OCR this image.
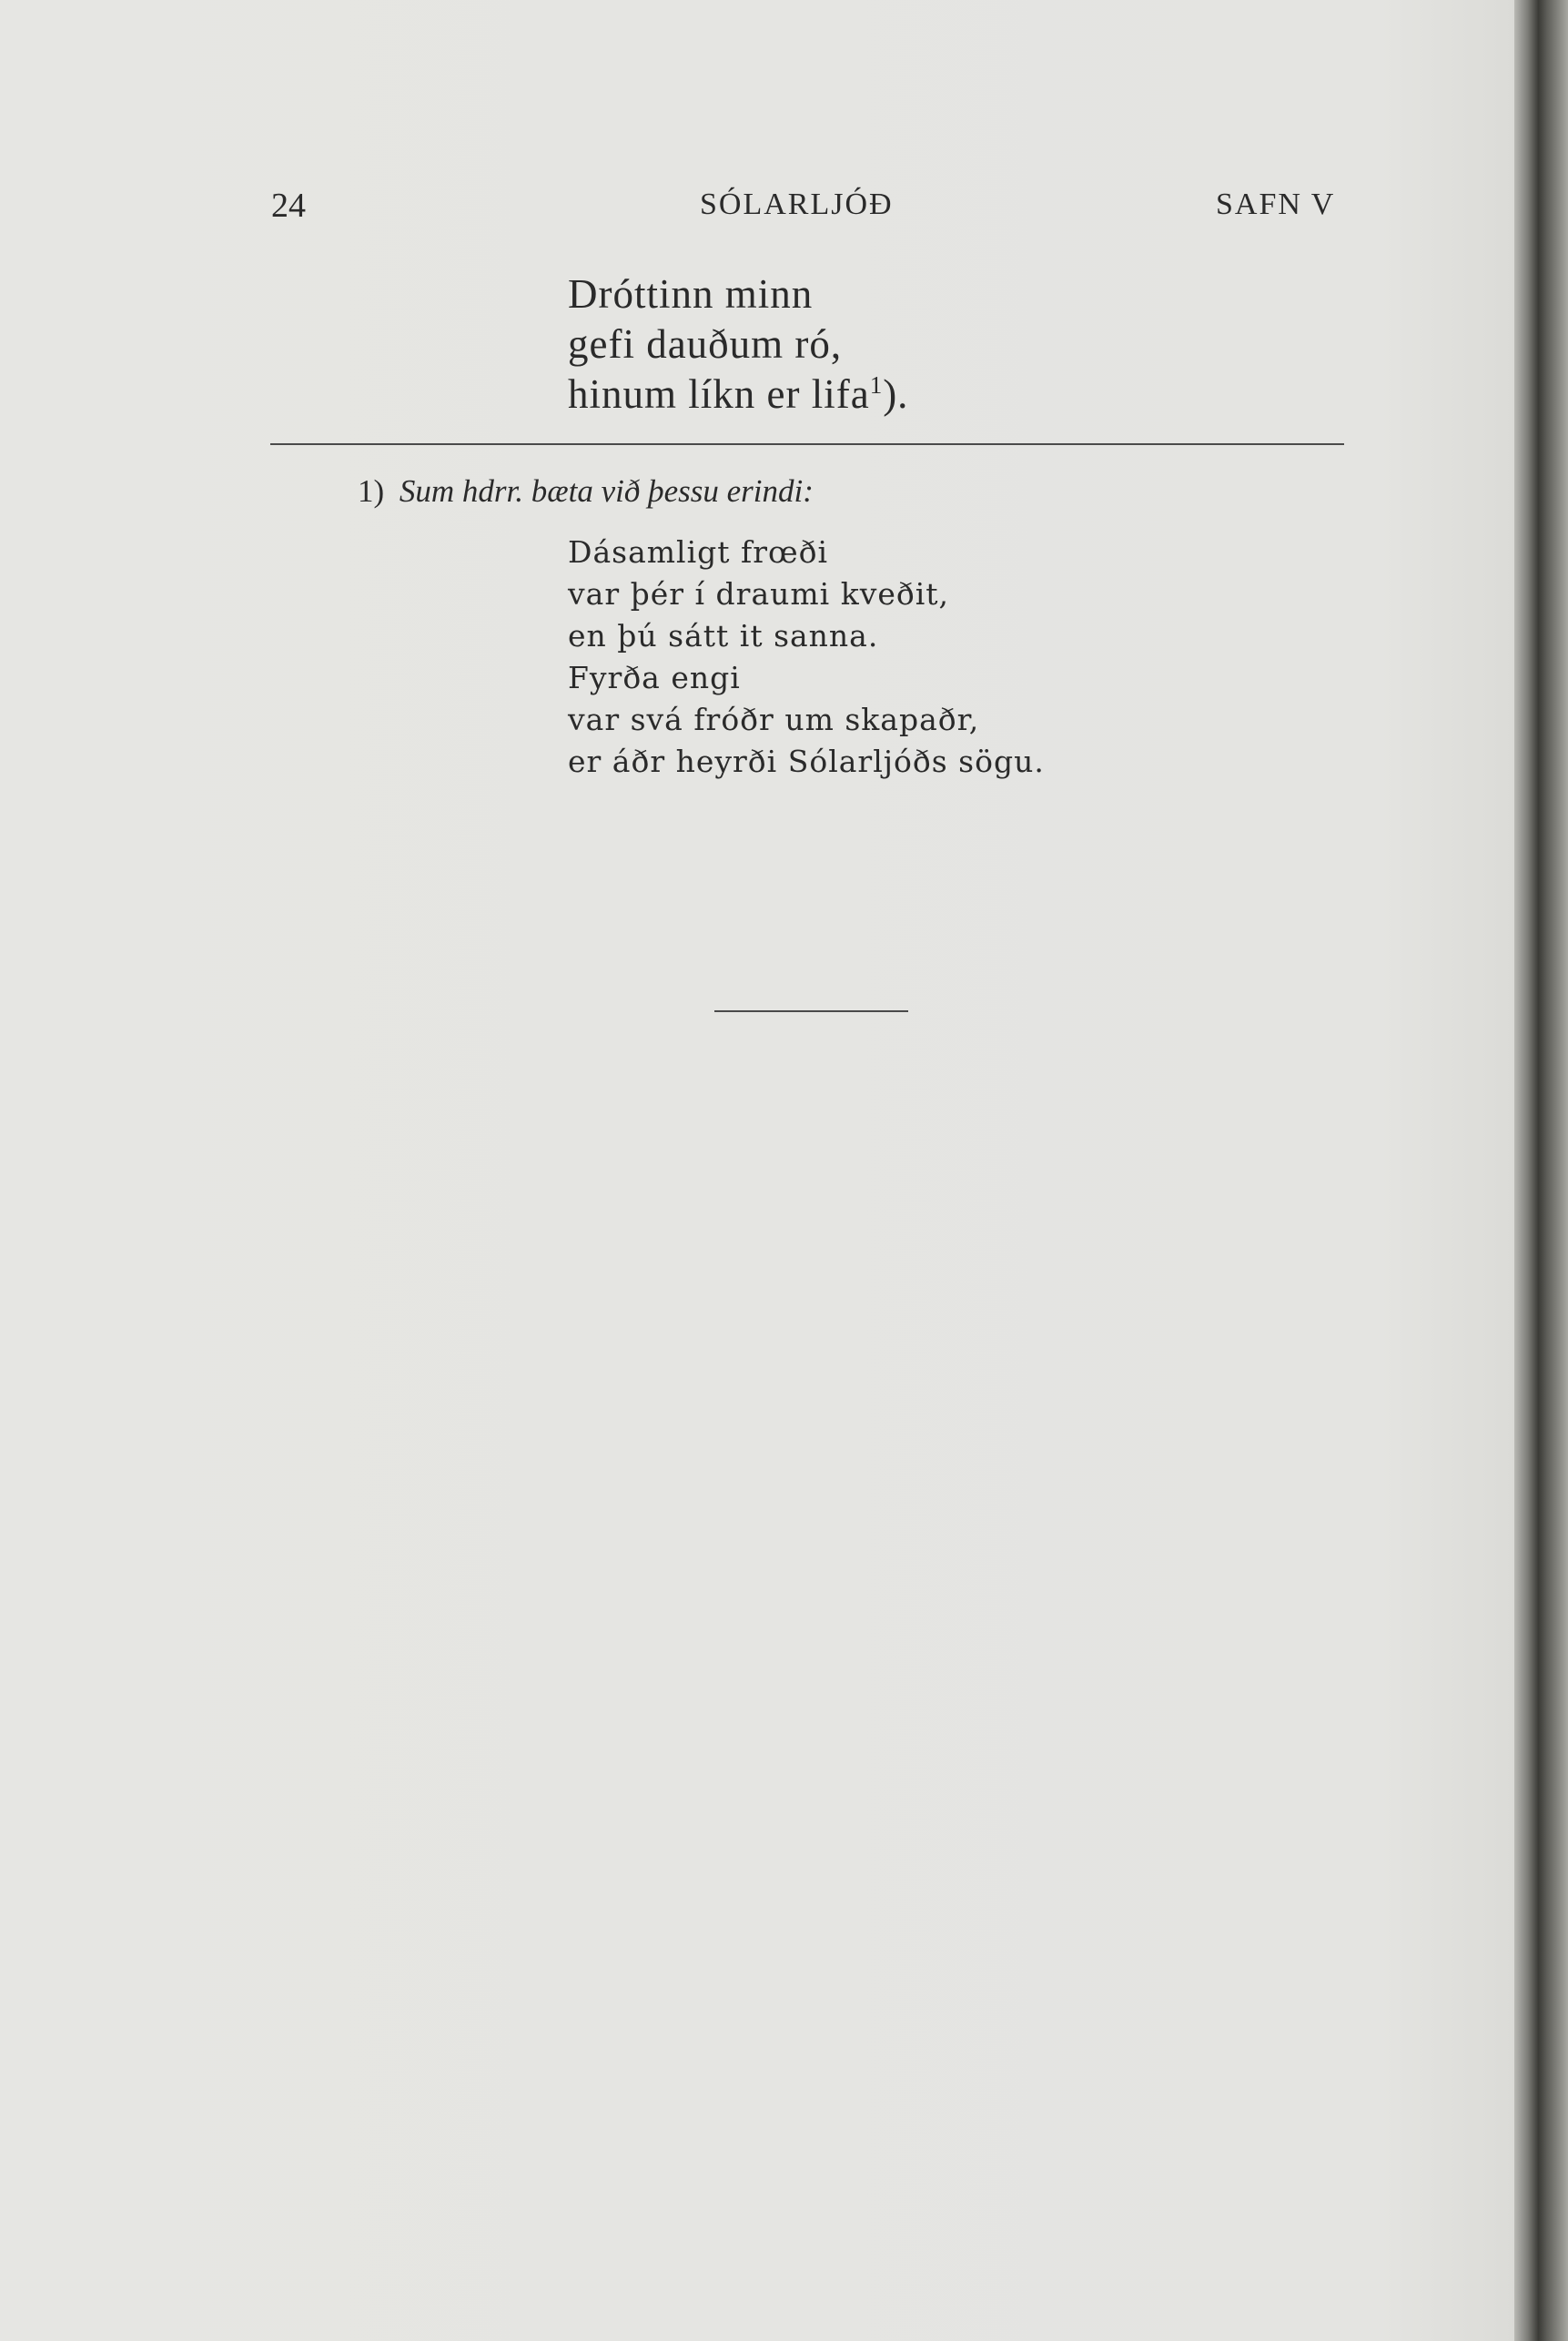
24	SÓLARLJÓÐ	SAFN V
Dróttinn minn
gefi dauðum ró,
hinum líkn er lifa$^1$).
1) Sum hdrr. bæta við þessu erindi:
Dásamligt frœði
var þér í draumi kveðit,
en þú sátt it sanna.
Fyrða engi
var svá fróðr um skapaðr,
er áðr heyrði Sólarljóðs sögu.
